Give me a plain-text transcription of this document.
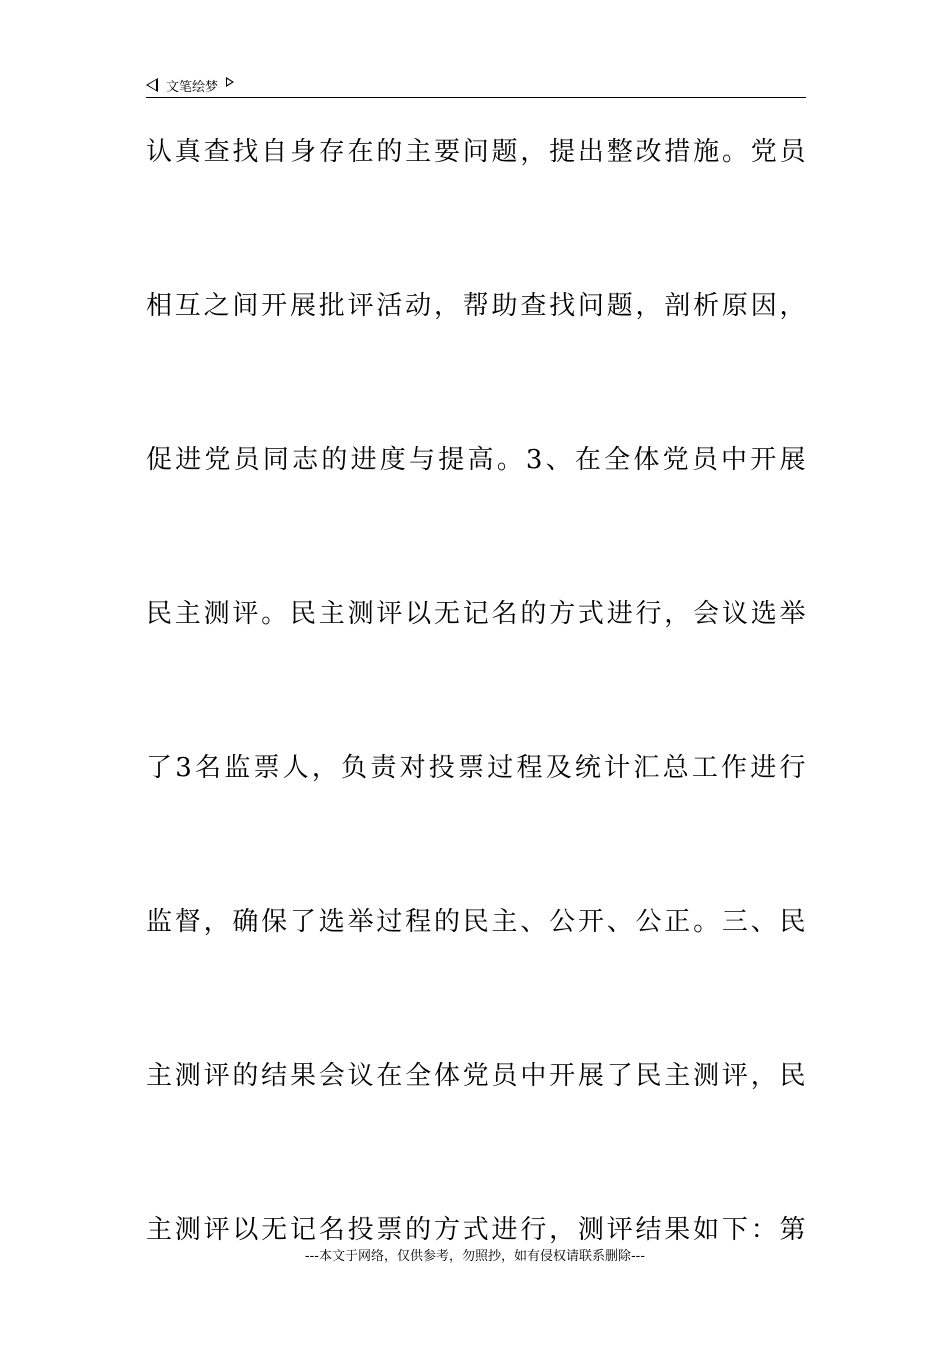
文笔绘梦
认真查找自身存在的主要问题，提出整改措施。党员
相互之间开展批评活动，帮助查找问题，剖析原因，
促进党员同志的进度与提高。3、在全体党员中开展
民主测评。民主测评以无记名的方式进行，会议选举
了3名监票人，负责对投票过程及统计汇总工作进行
监督，确保了选举过程的民主、公开、公正。三、民
主测评的结果会议在全体党员中开展了民主测评，民
主测评以无记名投票的方式进行，测评结果如下：第
---本文于网络，仅供参考，勿照抄，如有侵权请联系删除---
